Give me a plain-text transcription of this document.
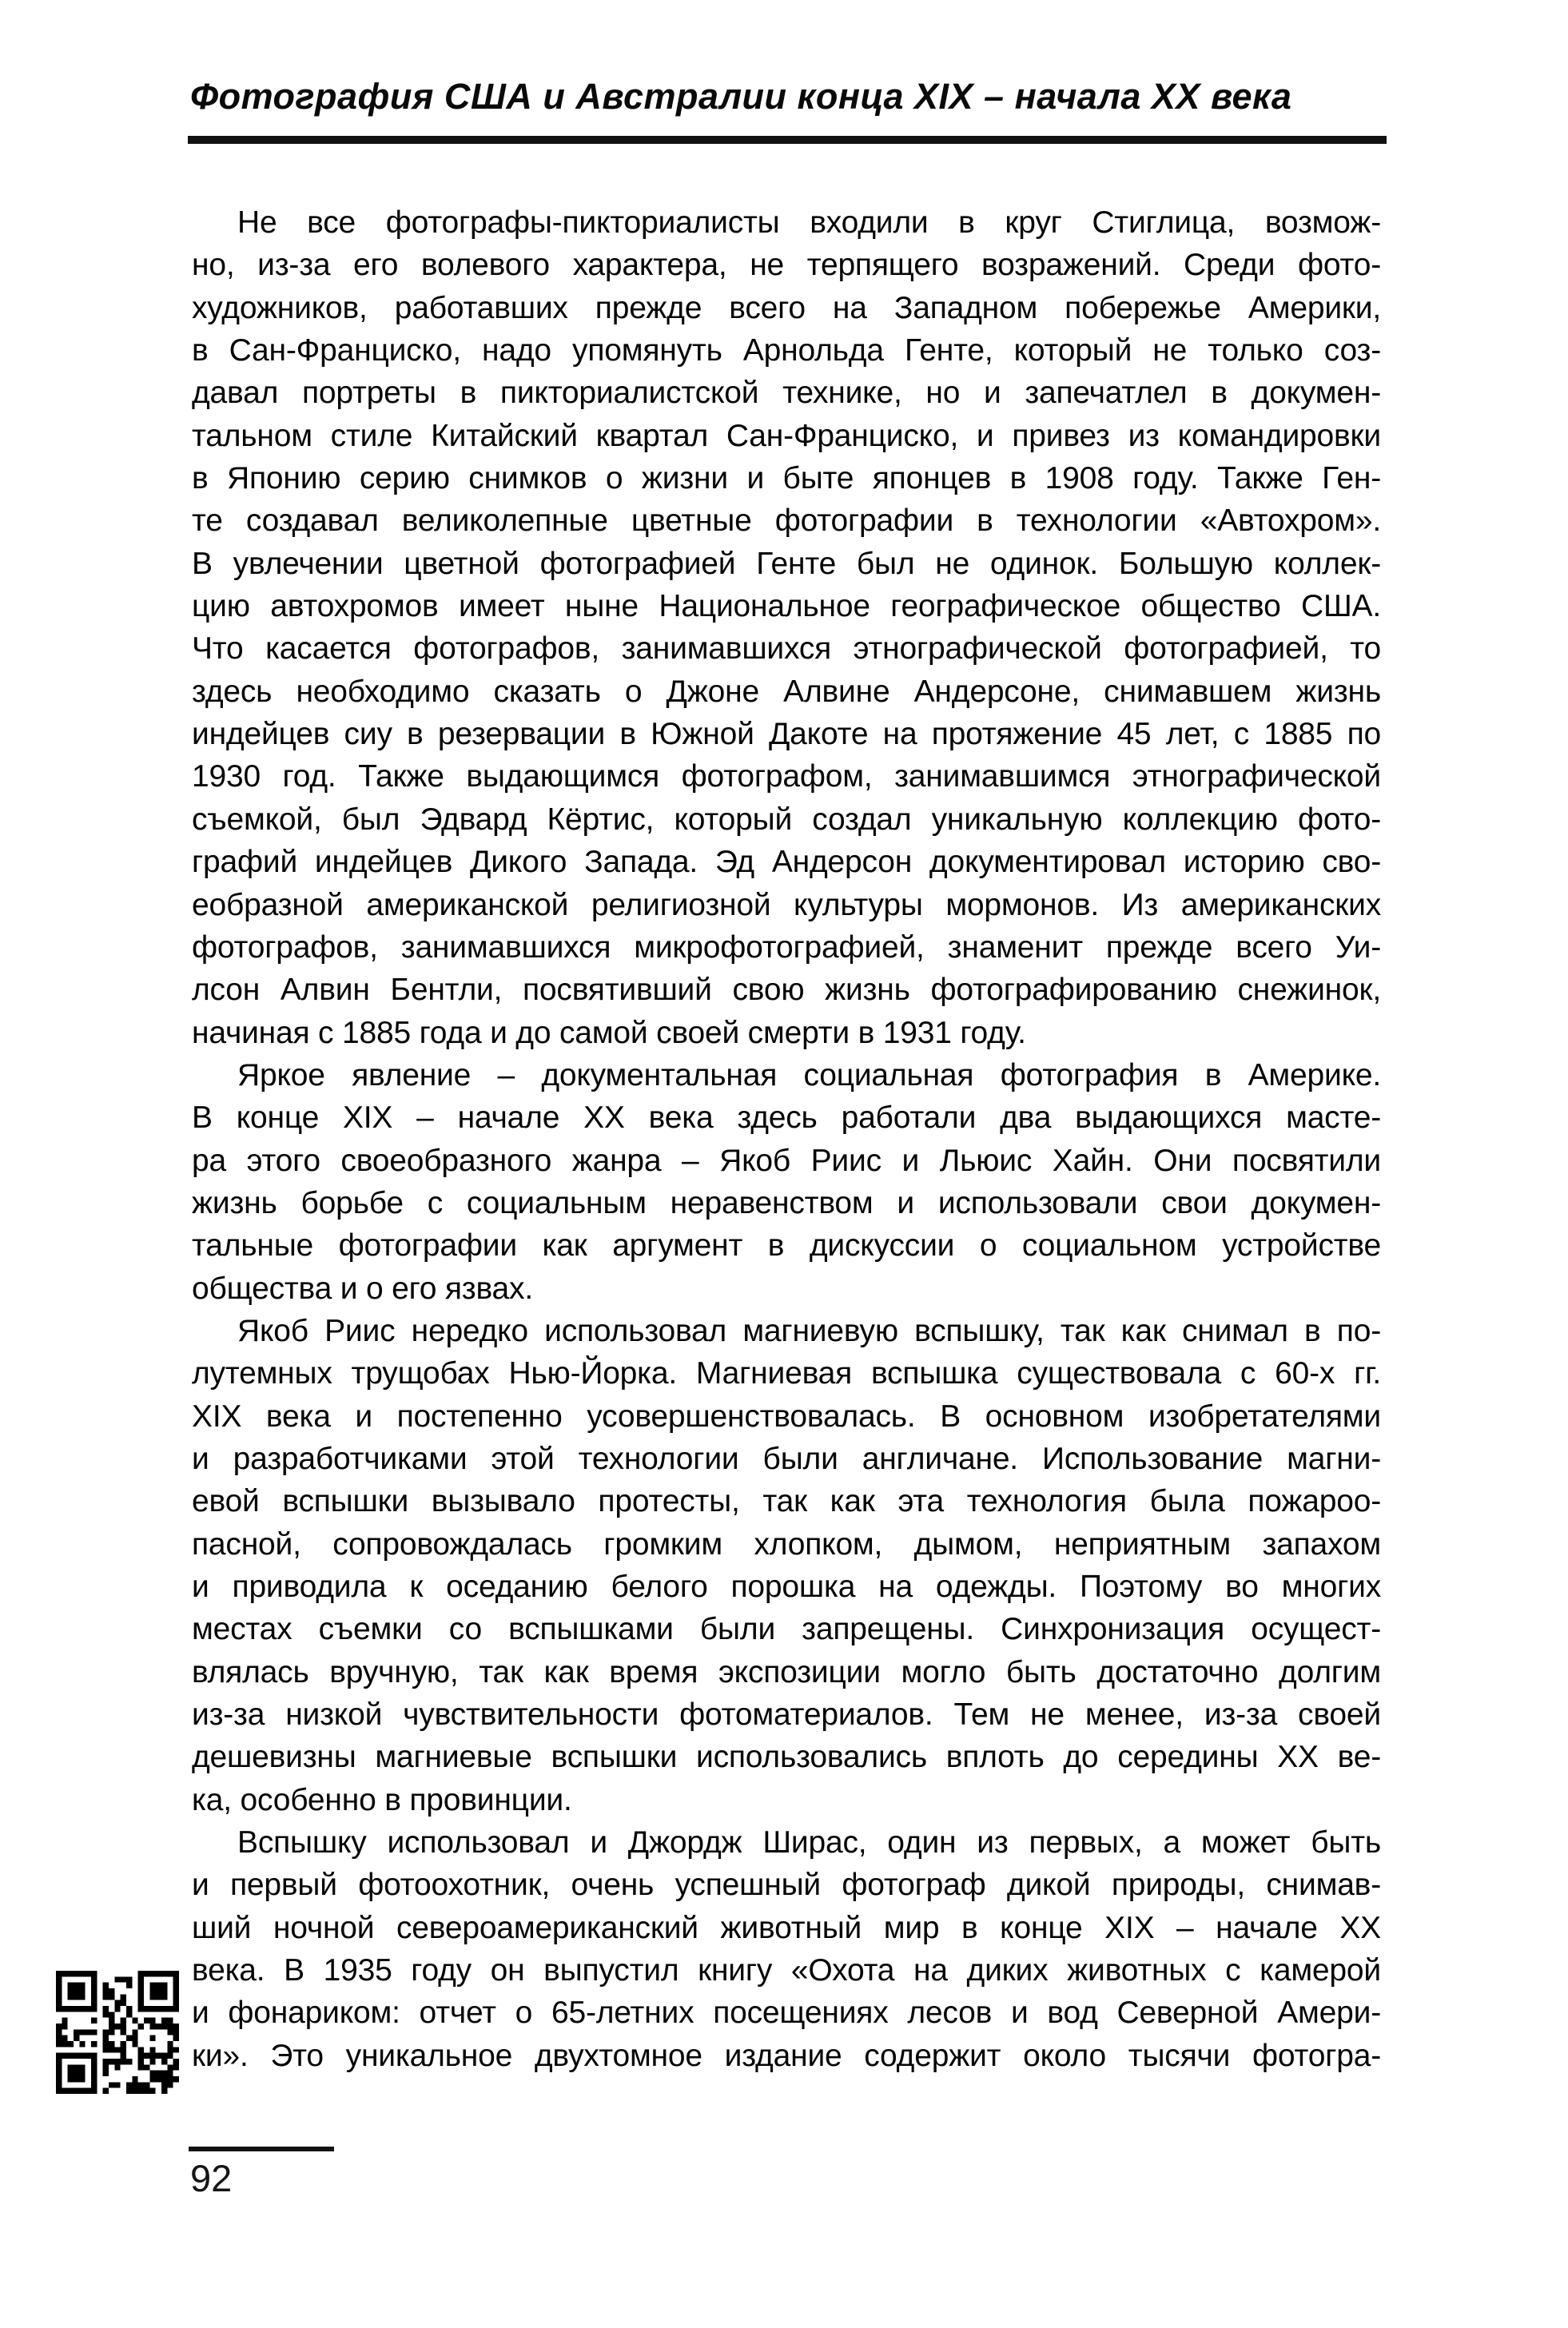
Фотография США и Австралии конца XIX – начала XX века
Не все фотографы-пикториалисты входили в круг Стиглица, возмож-
но, из-за его волевого характера, не терпящего возражений. Среди фото-
художников, работавших прежде всего на Западном побережье Америки,
в Сан-Франциско, надо упомянуть Арнольда Генте, который не только соз-
давал портреты в пикториалистской технике, но и запечатлел в докумен-
тальном стиле Китайский квартал Сан-Франциско, и привез из командировки
в Японию серию снимков о жизни и быте японцев в 1908 году. Также Ген-
те создавал великолепные цветные фотографии в технологии «Автохром».
В увлечении цветной фотографией Генте был не одинок. Большую коллек-
цию автохромов имеет ныне Национальное географическое общество США.
Что касается фотографов, занимавшихся этнографической фотографией, то
здесь необходимо сказать о Джоне Алвине Андерсоне, снимавшем жизнь
индейцев сиу в резервации в Южной Дакоте на протяжение 45 лет, с 1885 по
1930 год. Также выдающимся фотографом, занимавшимся этнографической
съемкой, был Эдвард Кёртис, который создал уникальную коллекцию фото-
графий индейцев Дикого Запада. Эд Андерсон документировал историю сво-
еобразной американской религиозной культуры мормонов. Из американских
фотографов, занимавшихся микрофотографией, знаменит прежде всего Уи-
лсон Алвин Бентли, посвятивший свою жизнь фотографированию снежинок,
начиная с 1885 года и до самой своей смерти в 1931 году.
Яркое явление – документальная социальная фотография в Америке.
В конце XIX – начале XX века здесь работали два выдающихся масте-
ра этого своеобразного жанра – Якоб Риис и Льюис Хайн. Они посвятили
жизнь борьбе с социальным неравенством и использовали свои докумен-
тальные фотографии как аргумент в дискуссии о социальном устройстве
общества и о его язвах.
Якоб Риис нередко использовал магниевую вспышку, так как снимал в по-
лутемных трущобах Нью-Йорка. Магниевая вспышка существовала с 60-х гг.
XIX века и постепенно усовершенствовалась. В основном изобретателями
и разработчиками этой технологии были англичане. Использование магни-
евой вспышки вызывало протесты, так как эта технология была пожароо-
пасной, сопровождалась громким хлопком, дымом, неприятным запахом
и приводила к оседанию белого порошка на одежды. Поэтому во многих
местах съемки со вспышками были запрещены. Синхронизация осущест-
влялась вручную, так как время экспозиции могло быть достаточно долгим
из-за низкой чувствительности фотоматериалов. Тем не менее, из-за своей
дешевизны магниевые вспышки использовались вплоть до середины XX ве-
ка, особенно в провинции.
Вспышку использовал и Джордж Ширас, один из первых, а может быть
и первый фотоохотник, очень успешный фотограф дикой природы, снимав-
ший ночной североамериканский животный мир в конце XIX – начале XX
века. В 1935 году он выпустил книгу «Охота на диких животных с камерой
и фонариком: отчет о 65-летних посещениях лесов и вод Северной Амери-
ки». Это уникальное двухтомное издание содержит около тысячи фотогра-
92
